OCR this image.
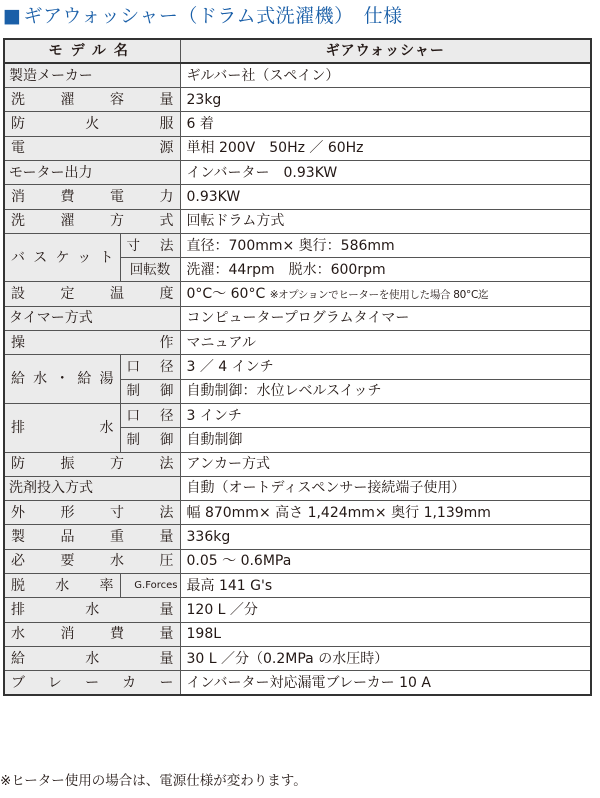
■ ギアウォッシャー（ドラム式洗濯機）　仕様
モデル名		ギアウォッシャー
製造メーカー		ギルバー社（スペイン）
洗濯容量		23kg
防火服		6 着
電源		単相 200V　50Hz ／ 60Hz
モーター出力		インバーター　0.93KW
消費電力		0.93KW
洗濯方式		回転ドラム方式
バスケット	寸法	直径：700mm× 奥行：586mm
	回転数	洗濯：44rpm　脱水：600rpm
設定温度		0°C～ 60°C ※オプションでヒーターを使用した場合 80°C迄
タイマー方式		コンピュータープログラムタイマー
操作		マニュアル
給水・給湯	口径	3 ／ 4 インチ
	制御	自動制御：水位レベルスイッチ
排水	口径	3 インチ
	制御	自動制御
防振方法		アンカー方式
洗剤投入方式		自動（オートディスペンサー接続端子使用）
外形寸法		幅 870mm× 高さ 1,424mm× 奥行 1,139mm
製品重量		336kg
必要水圧		0.05 ～ 0.6MPa
脱水率	G.Forces	最高 141 G's
排水量		120 L ／分
水消費量		198L
給水量		30 L ／分（0.2MPa の水圧時）
ブレーカー		インバーター対応漏電ブレーカー 10 A
※ヒーター使用の場合は、電源仕様が変わります。
